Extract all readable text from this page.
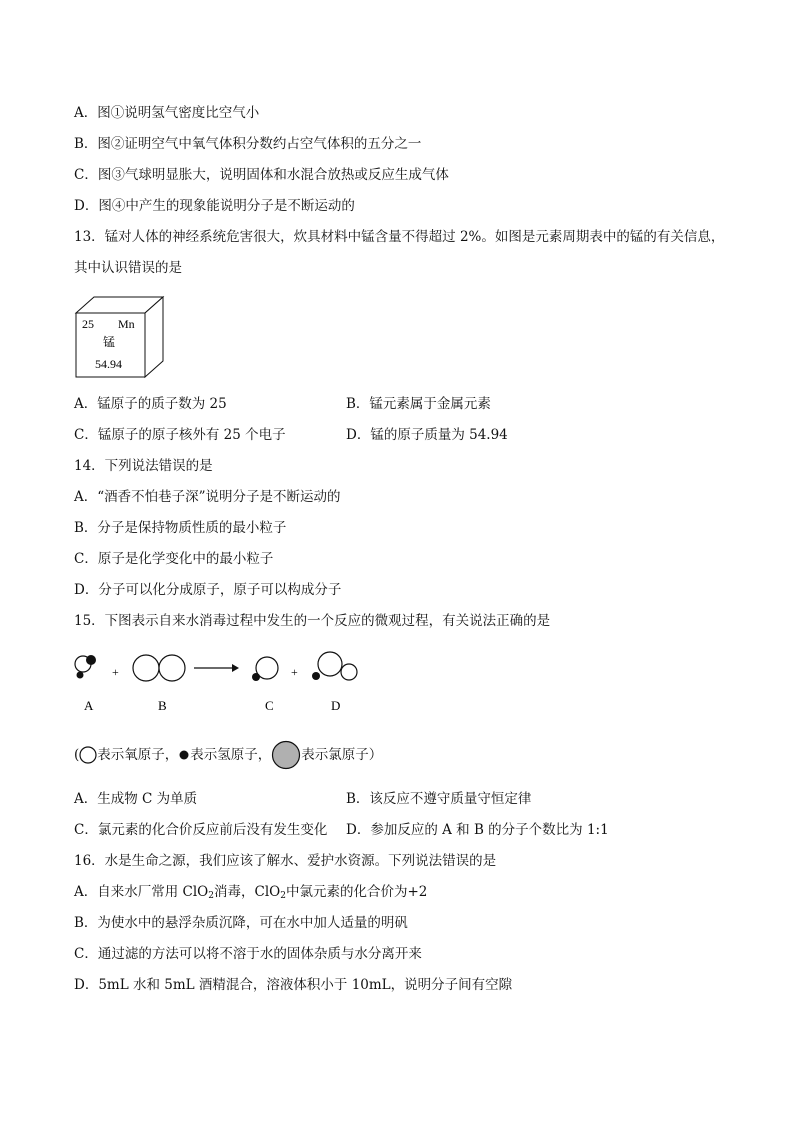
A．图①说明氢气密度比空气小
B．图②证明空气中氧气体积分数约占空气体积的五分之一
C．图③气球明显胀大，说明固体和水混合放热或反应生成气体
D．图④中产生的现象能说明分子是不断运动的
13．锰对人体的神经系统危害很大，炊具材料中锰含量不得超过 2%。如图是元素周期表中的锰的有关信息，
其中认识错误的是
25 Mn
锰
54.94
A．锰原子的质子数为 25	B．锰元素属于金属元素
C．锰原子的原子核外有 25 个电子	D．锰的原子质量为 54.94
14．下列说法错误的是
A．“酒香不怕巷子深”说明分子是不断运动的
B．分子是保持物质性质的最小粒子
C．原子是化学变化中的最小粒子
D．分子可以化分成原子，原子可以构成分子
15．下图表示自来水消毒过程中发生的一个反应的微观过程，有关说法正确的是
+	+
A	B	C	D
( 表示氧原子， 表示氢原子， 表示氯原子）
A．生成物 C 为单质	B．该反应不遵守质量守恒定律
C．氯元素的化合价反应前后没有发生变化 D．参加反应的 A 和 B 的分子个数比为 1:1
16．水是生命之源，我们应该了解水、爱护水资源。下列说法错误的是
A．自来水厂常用 ClO$_2$消毒，ClO$_2$中氯元素的化合价为+2
B．为使水中的悬浮杂质沉降，可在水中加人适量的明矾
C．通过滤的方法可以将不溶于水的固体杂质与水分离开来
D．5mL 水和 5mL 酒精混合，溶液体积小于 10mL，说明分子间有空隙
